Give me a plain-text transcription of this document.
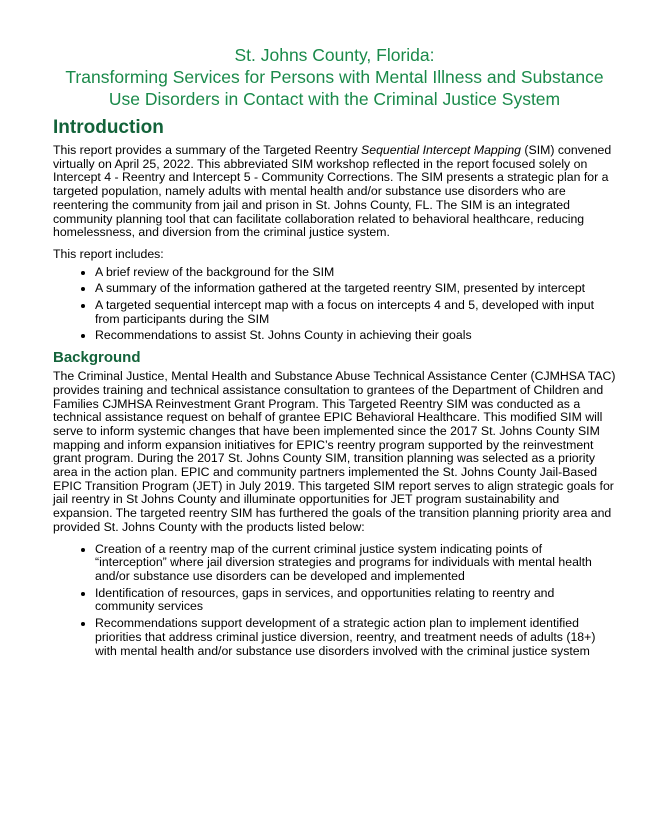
St. Johns County, Florida:
Transforming Services for Persons with Mental Illness and Substance
Use Disorders in Contact with the Criminal Justice System
Introduction

This report provides a summary of the Targeted Reentry Sequential Intercept Mapping (SIM) convened virtually on April 25, 2022. This abbreviated SIM workshop reflected in the report focused solely on Intercept 4 - Reentry and Intercept 5 - Community Corrections. The SIM presents a strategic plan for a targeted population, namely adults with mental health and/or substance use disorders who are reentering the community from jail and prison in St. Johns County, FL. The SIM is an integrated community planning tool that can facilitate collaboration related to behavioral healthcare, reducing homelessness, and diversion from the criminal justice system.

This report includes:

• A brief review of the background for the SIM
• A summary of the information gathered at the targeted reentry SIM, presented by intercept
• A targeted sequential intercept map with a focus on intercepts 4 and 5, developed with input from participants during the SIM
• Recommendations to assist St. Johns County in achieving their goals
Background

The Criminal Justice, Mental Health and Substance Abuse Technical Assistance Center (CJMHSA TAC) provides training and technical assistance consultation to grantees of the Department of Children and Families CJMHSA Reinvestment Grant Program. This Targeted Reentry SIM was conducted as a technical assistance request on behalf of grantee EPIC Behavioral Healthcare. This modified SIM will serve to inform systemic changes that have been implemented since the 2017 St. Johns County SIM mapping and inform expansion initiatives for EPIC’s reentry program supported by the reinvestment grant program. During the 2017 St. Johns County SIM, transition planning was selected as a priority area in the action plan. EPIC and community partners implemented the St. Johns County Jail-Based EPIC Transition Program (JET) in July 2019. This targeted SIM report serves to align strategic goals for jail reentry in St Johns County and illuminate opportunities for JET program sustainability and expansion. The targeted reentry SIM has furthered the goals of the transition planning priority area and provided St. Johns County with the products listed below:

• Creation of a reentry map of the current criminal justice system indicating points of “interception” where jail diversion strategies and programs for individuals with mental health and/or substance use disorders can be developed and implemented
• Identification of resources, gaps in services, and opportunities relating to reentry and community services
• Recommendations support development of a strategic action plan to implement identified priorities that address criminal justice diversion, reentry, and treatment needs of adults (18+) with mental health and/or substance use disorders involved with the criminal justice system
